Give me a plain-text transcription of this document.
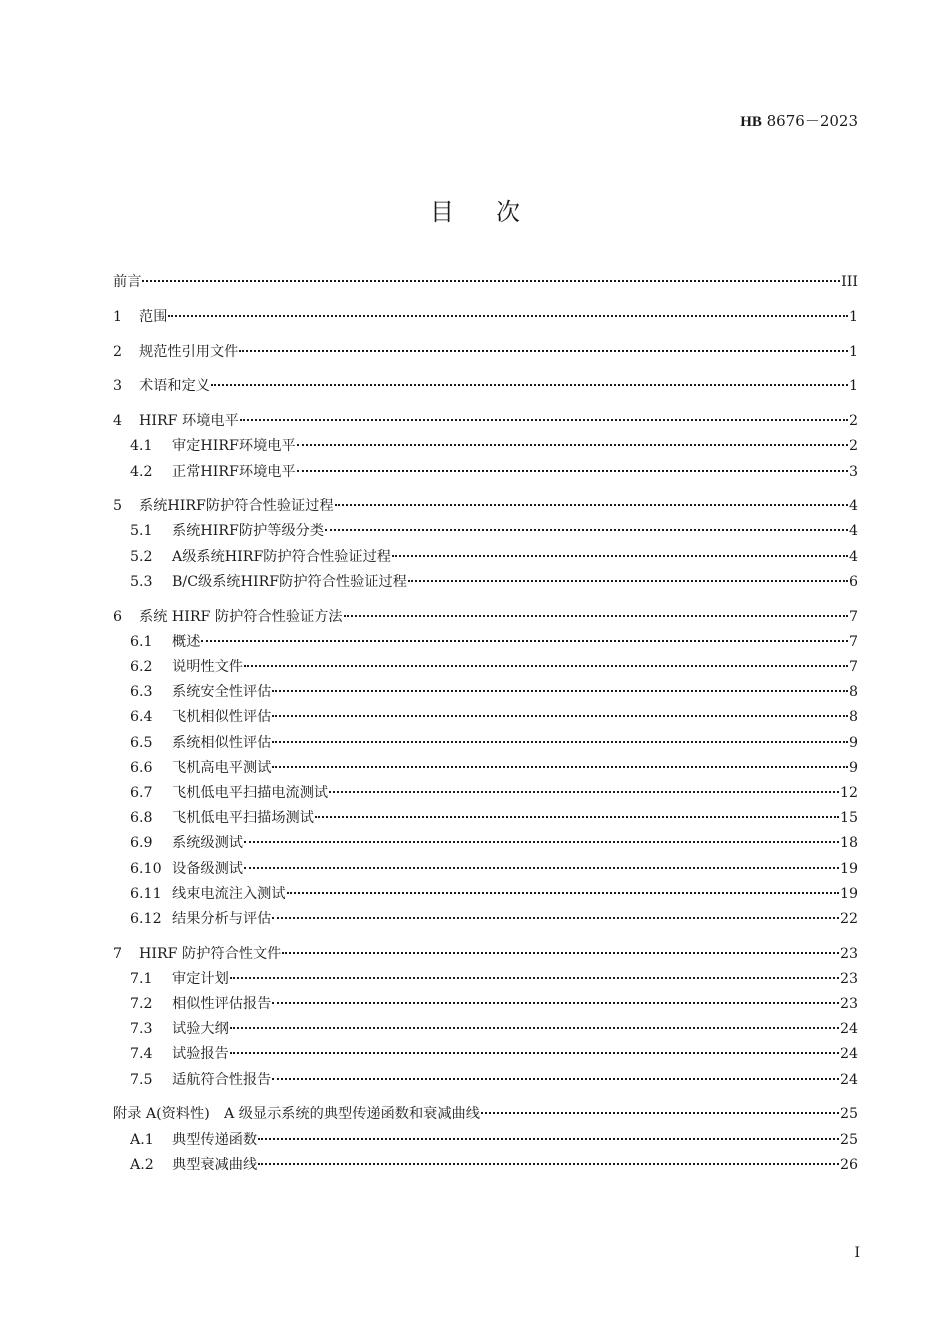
HB 8676－2023
目次
前言	III
1	范围	1
2	规范性引用文件	1
3	术语和定义	1
4	HIRF 环境电平	2
4.1	审定HIRF环境电平	2
4.2	正常HIRF环境电平	3
5	系统HIRF防护符合性验证过程	4
5.1	系统HIRF防护等级分类	4
5.2	A级系统HIRF防护符合性验证过程	4
5.3	B/C级系统HIRF防护符合性验证过程	6
6	系统 HIRF 防护符合性验证方法	7
6.1	概述	7
6.2	说明性文件	7
6.3	系统安全性评估	8
6.4	飞机相似性评估	8
6.5	系统相似性评估	9
6.6	飞机高电平测试	9
6.7	飞机低电平扫描电流测试	12
6.8	飞机低电平扫描场测试	15
6.9	系统级测试	18
6.10 设备级测试	19
6.11 线束电流注入测试	19
6.12 结果分析与评估	22
7	HIRF 防护符合性文件	23
7.1	审定计划	23
7.2	相似性评估报告	23
7.3	试验大纲	24
7.4	试验报告	24
7.5	适航符合性报告	24
附录 A(资料性)　A 级显示系统的典型传递函数和衰减曲线	25
A.1	典型传递函数	25
A.2	典型衰减曲线	26
I
